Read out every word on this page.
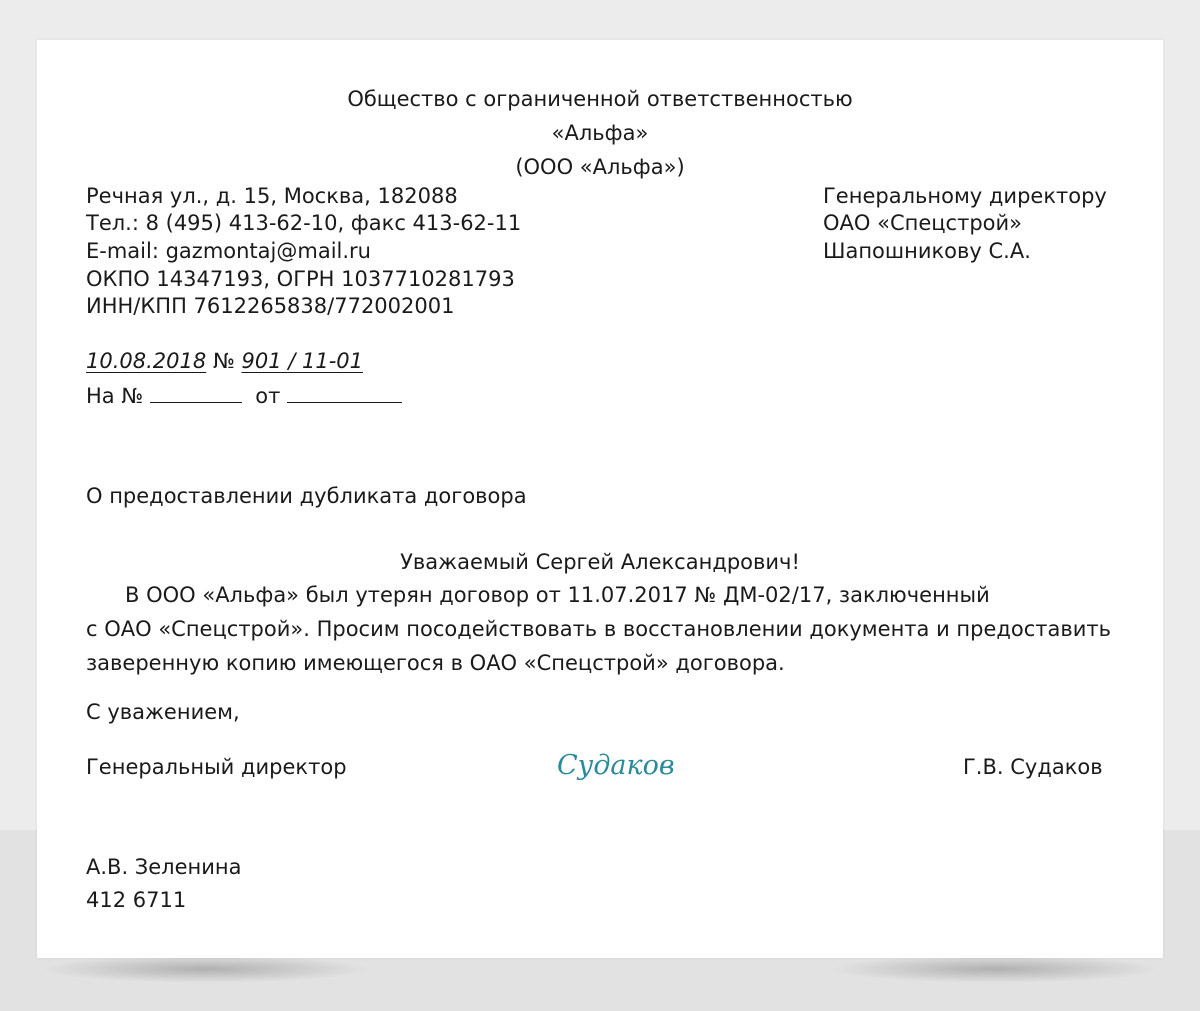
Общество с ограниченной ответственностью
«Альфа»
(ООО «Альфа»)
Речная ул., д. 15, Москва, 182088
Тел.: 8 (495) 413-62-10, факс 413-62-11
E-mail: gazmontaj@mail.ru
ОКПО 14347193, ОГРН 1037710281793
ИНН/КПП 7612265838/772002001
Генеральному директору
ОАО «Спецстрой»
Шапошникову С.А.
10.08.2018 № 901 / 11-01
На №	от
О предоставлении дубликата договора
Уважаемый Сергей Александрович!
В ООО «Альфа» был утерян договор от 11.07.2017 № ДМ-02/17, заключенный
с ОАО «Спецстрой». Просим посодействовать в восстановлении документа и предоставить
заверенную копию имеющегося в ОАО «Спецстрой» договора.
С уважением,
Генеральный директор	Судаков	Г.В. Судаков
А.В. Зеленина
412 6711
